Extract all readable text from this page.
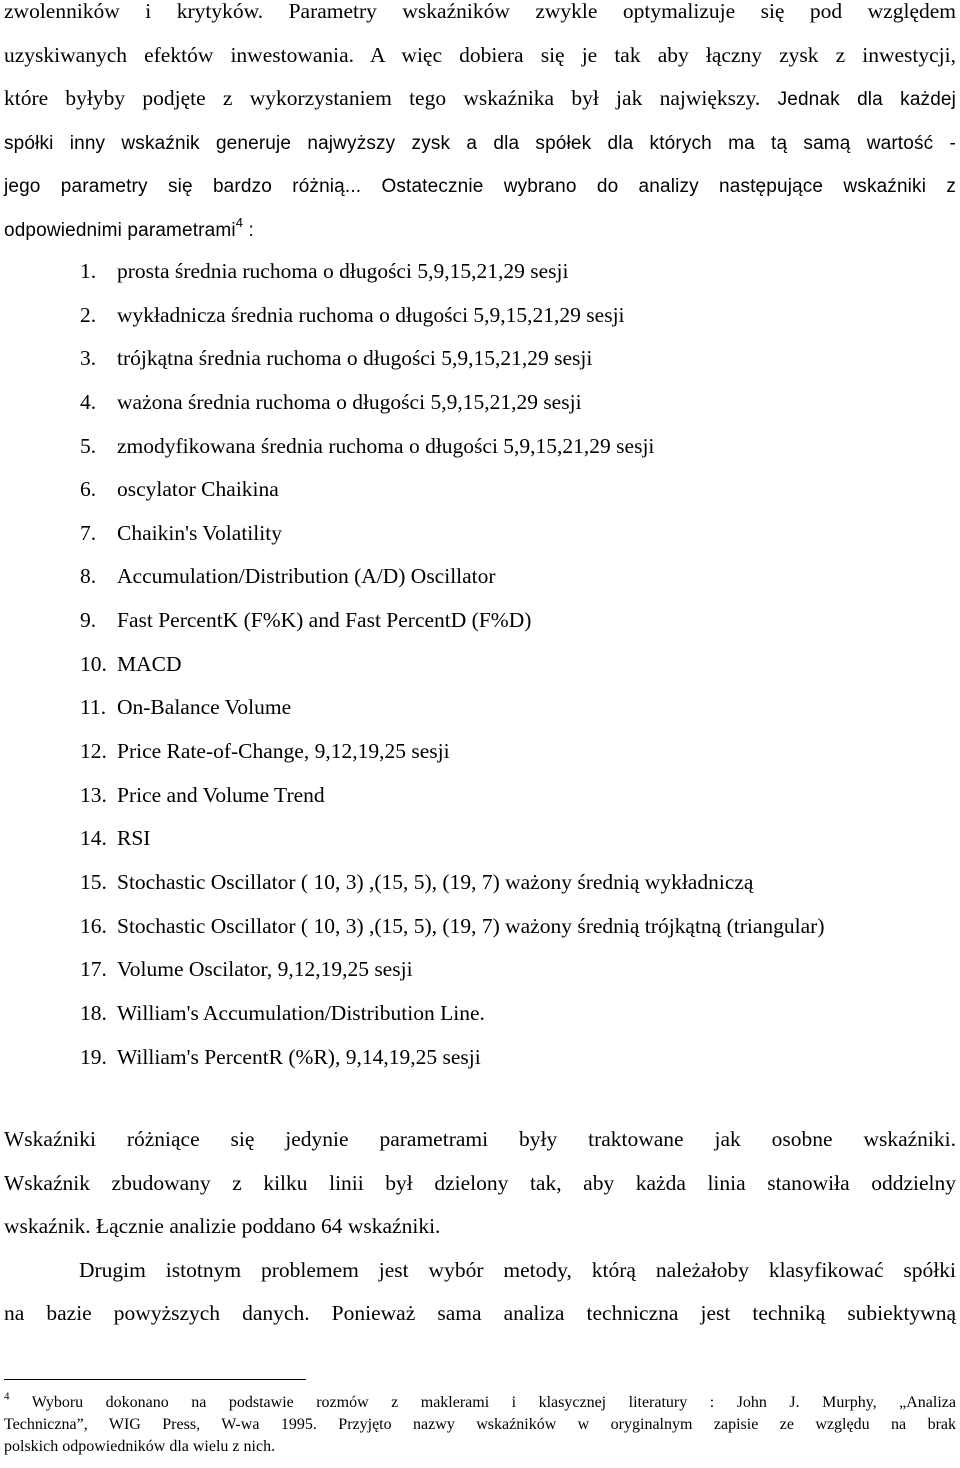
zwolenników i krytyków. Parametry wskaźników zwykle optymalizuje się pod względem
uzyskiwanych efektów inwestowania. A więc dobiera się je tak aby łączny zysk z inwestycji,
które byłyby podjęte z wykorzystaniem tego wskaźnika był jak największy. Jednak dla każdej
spółki inny wskaźnik generuje najwyższy zysk a dla spółek dla których ma tą samą wartość -
jego parametry się bardzo różnią... Ostatecznie wybrano do analizy następujące wskaźniki z
odpowiednimi parametrami$^4$ :
1. prosta średnia ruchoma o długości 5,9,15,21,29 sesji
2. wykładnicza średnia ruchoma o długości 5,9,15,21,29 sesji
3. trójkątna średnia ruchoma o długości 5,9,15,21,29 sesji
4. ważona średnia ruchoma o długości 5,9,15,21,29 sesji
5. zmodyfikowana średnia ruchoma o długości 5,9,15,21,29 sesji
6. oscylator Chaikina
7. Chaikin's Volatility
8. Accumulation/Distribution (A/D) Oscillator
9. Fast PercentK (F%K) and Fast PercentD (F%D)
10. MACD
11. On-Balance Volume
12. Price Rate-of-Change, 9,12,19,25 sesji
13. Price and Volume Trend
14. RSI
15. Stochastic Oscillator ( 10, 3) ,(15, 5), (19, 7) ważony średnią wykładniczą
16. Stochastic Oscillator ( 10, 3) ,(15, 5), (19, 7) ważony średnią trójkątną (triangular)
17. Volume Oscilator, 9,12,19,25 sesji
18. William's Accumulation/Distribution Line.
19. William's PercentR (%R), 9,14,19,25 sesji
Wskaźniki różniące się jedynie parametrami były traktowane jak osobne wskaźniki.
Wskaźnik zbudowany z kilku linii był dzielony tak, aby każda linia stanowiła oddzielny
wskaźnik. Łącznie analizie poddano 64 wskaźniki.
Drugim istotnym problemem jest wybór metody, którą należałoby klasyfikować spółki
na bazie powyższych danych. Ponieważ sama analiza techniczna jest techniką subiektywną
$^4$ Wyboru dokonano na podstawie rozmów z maklerami i klasycznej literatury : John J. Murphy, „Analiza
Techniczna”, WIG Press, W-wa 1995. Przyjęto nazwy wskaźników w oryginalnym zapisie ze względu na brak
polskich odpowiedników dla wielu z nich.
